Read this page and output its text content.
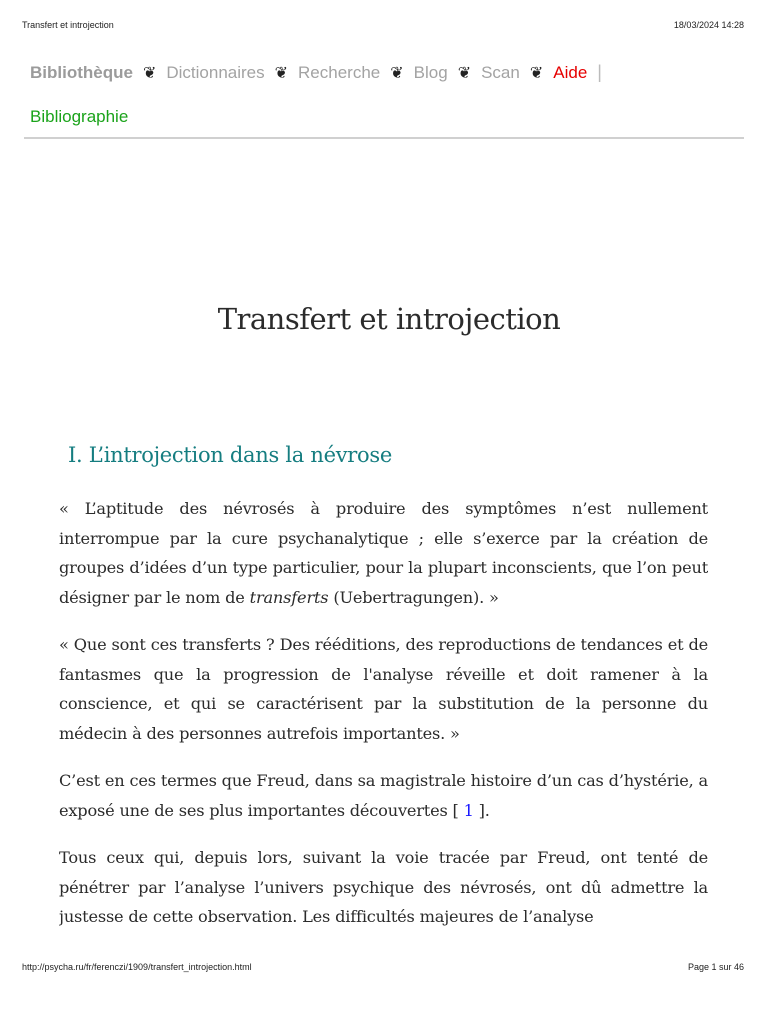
Transfert et introjection	18/03/2024 14:28
Bibliothèque ❦ Dictionnaires ❦ Recherche ❦ Blog ❦ Scan ❦ Aide |
Bibliographie
Transfert et introjection
I. L’introjection dans la névrose

« L’aptitude des névrosés à produire des symptômes n’est nullement interrompue par la cure psychanalytique ; elle s’exerce par la création de groupes d’idées d’un type particulier, pour la plupart inconscients, que l’on peut désigner par le nom de transferts (Uebertragungen). »

« Que sont ces transferts ? Des rééditions, des reproductions de tendances et de fantasmes que la progression de l'analyse réveille et doit ramener à la conscience, et qui se caractérisent par la substitution de la personne du médecin à des personnes autrefois importantes. »

C’est en ces termes que Freud, dans sa magistrale histoire d’un cas d’hystérie, a exposé une de ses plus importantes découvertes [ 1 ].

Tous ceux qui, depuis lors, suivant la voie tracée par Freud, ont tenté de pénétrer par l’analyse l’univers psychique des névrosés, ont dû admettre la justesse de cette observation. Les difficultés majeures de l’analyse

http://psycha.ru/fr/ferenczi/1909/transfert_introjection.html	Page 1 sur 46
